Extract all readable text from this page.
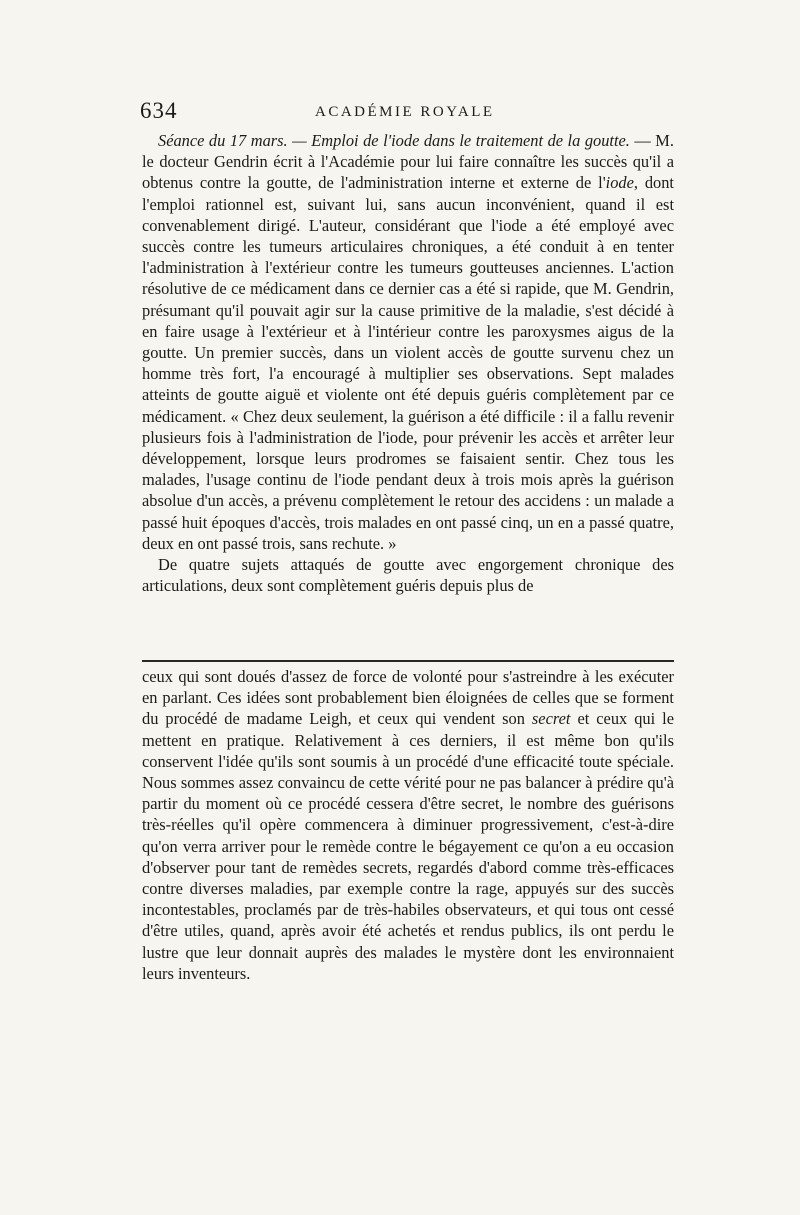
634	ACADÉMIE ROYALE

Séance du 17 mars. — Emploi de l'iode dans le traitement de la goutte. — M. le docteur Gendrin écrit à l'Académie pour lui faire connaître les succès qu'il a obtenus contre la goutte, de l'administration interne et externe de l'iode, dont l'emploi rationnel est, suivant lui, sans aucun inconvénient, quand il est convenablement dirigé. L'auteur, considérant que l'iode a été employé avec succès contre les tumeurs articulaires chroniques, a été conduit à en tenter l'administration à l'extérieur contre les tumeurs goutteuses anciennes. L'action résolutive de ce médicament dans ce dernier cas a été si rapide, que M. Gendrin, présumant qu'il pouvait agir sur la cause primitive de la maladie, s'est décidé à en faire usage à l'extérieur et à l'intérieur contre les paroxysmes aigus de la goutte. Un premier succès, dans un violent accès de goutte survenu chez un homme très fort, l'a encouragé à multiplier ses observations. Sept malades atteints de goutte aiguë et violente ont été depuis guéris complètement par ce médicament. « Chez deux seulement, la guérison a été difficile : il a fallu revenir plusieurs fois à l'administration de l'iode, pour prévenir les accès et arrêter leur développement, lorsque leurs prodromes se faisaient sentir. Chez tous les malades, l'usage continu de l'iode pendant deux à trois mois après la guérison absolue d'un accès, a prévenu complètement le retour des accidens : un malade a passé huit époques d'accès, trois malades en ont passé cinq, un en a passé quatre, deux en ont passé trois, sans rechute. »

De quatre sujets attaqués de goutte avec engorgement chronique des articulations, deux sont complètement guéris depuis plus de

ceux qui sont doués d'assez de force de volonté pour s'astreindre à les exécuter en parlant. Ces idées sont probablement bien éloignées de celles que se forment du procédé de madame Leigh, et ceux qui vendent son secret et ceux qui le mettent en pratique. Relativement à ces derniers, il est même bon qu'ils conservent l'idée qu'ils sont soumis à un procédé d'une efficacité toute spéciale. Nous sommes assez convaincu de cette vérité pour ne pas balancer à prédire qu'à partir du moment où ce procédé cessera d'être secret, le nombre des guérisons très-réelles qu'il opère commencera à diminuer progressivement, c'est-à-dire qu'on verra arriver pour le remède contre le bégayement ce qu'on a eu occasion d'observer pour tant de remèdes secrets, regardés d'abord comme très-efficaces contre diverses maladies, par exemple contre la rage, appuyés sur des succès incontestables, proclamés par de très-habiles observateurs, et qui tous ont cessé d'être utiles, quand, après avoir été achetés et rendus publics, ils ont perdu le lustre que leur donnait auprès des malades le mystère dont les environnaient leurs inventeurs.
